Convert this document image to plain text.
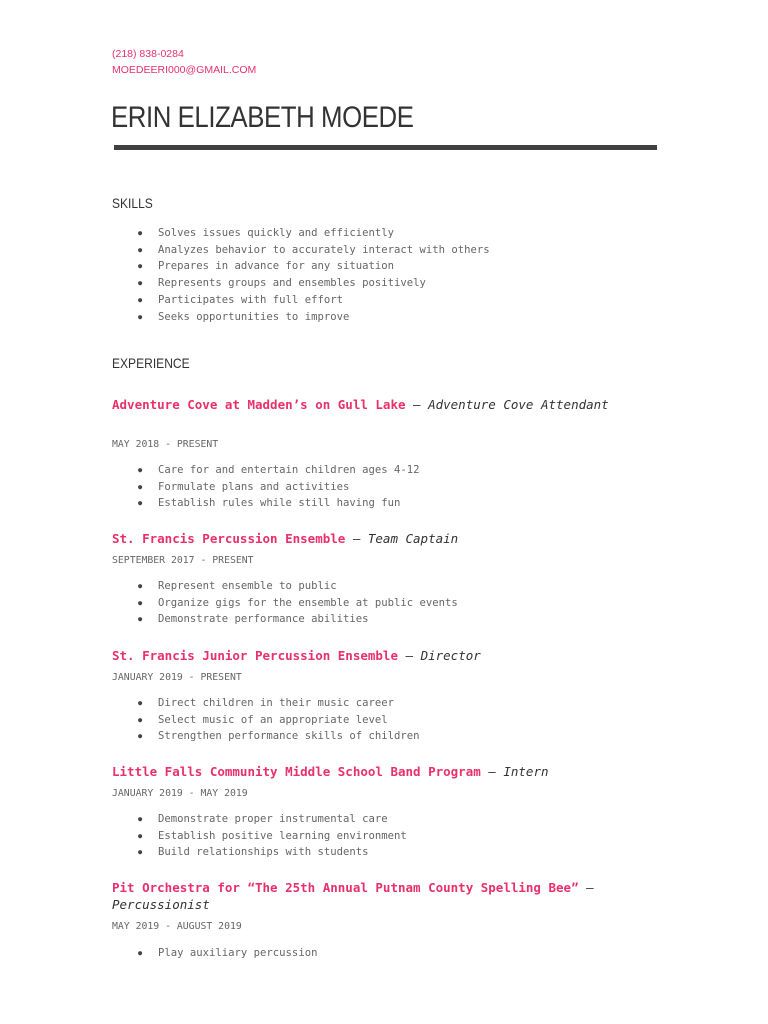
(218) 838-0284
MOEDEERI000@GMAIL.COM
ERIN ELIZABETH MOEDE
SKILLS
● Solves issues quickly and efficiently
● Analyzes behavior to accurately interact with others
● Prepares in advance for any situation
● Represents groups and ensembles positively
● Participates with full effort
● Seeks opportunities to improve
EXPERIENCE
Adventure Cove at Madden’s on Gull Lake — Adventure Cove Attendant
MAY 2018 - PRESENT
● Care for and entertain children ages 4-12
● Formulate plans and activities
● Establish rules while still having fun
St. Francis Percussion Ensemble — Team Captain
SEPTEMBER 2017 - PRESENT
● Represent ensemble to public
● Organize gigs for the ensemble at public events
● Demonstrate performance abilities
St. Francis Junior Percussion Ensemble — Director
JANUARY 2019 - PRESENT
● Direct children in their music career
● Select music of an appropriate level
● Strengthen performance skills of children
Little Falls Community Middle School Band Program — Intern
JANUARY 2019 - MAY 2019
● Demonstrate proper instrumental care
● Establish positive learning environment
● Build relationships with students
Pit Orchestra for “The 25th Annual Putnam County Spelling Bee” — Percussionist
MAY 2019 - AUGUST 2019
● Play auxiliary percussion
